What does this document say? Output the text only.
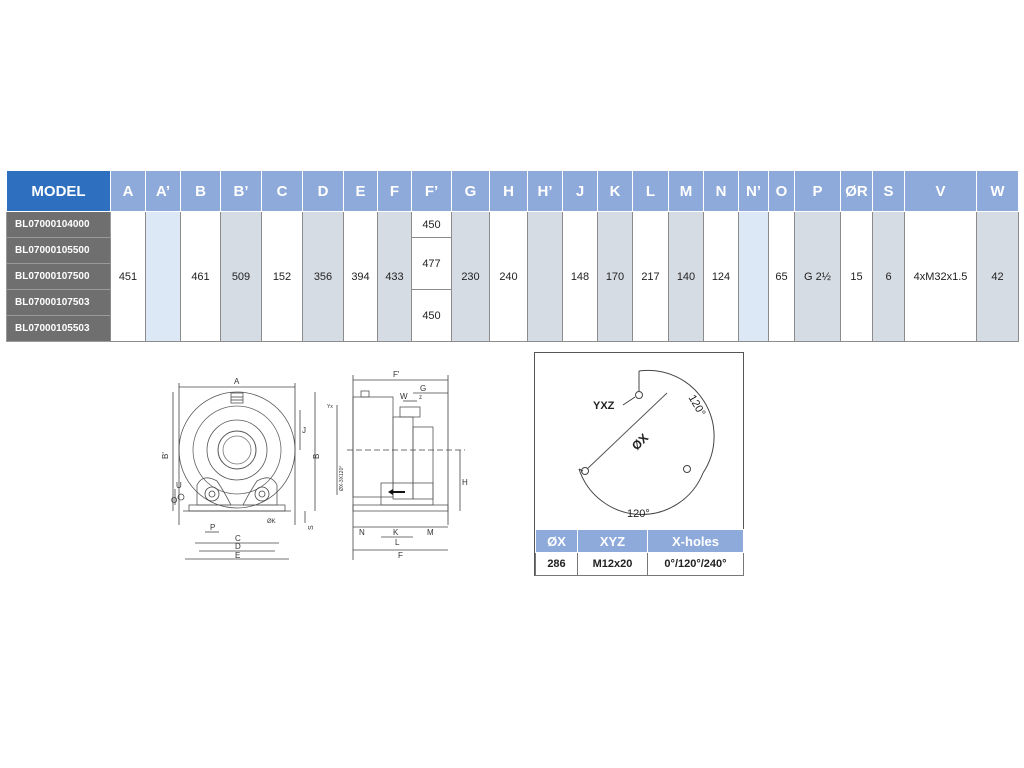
MODEL	A	A’	B	B’	C	D	E	F	F’	G	H	H’	J	K	L	M	N	N’	O	P	ØR	S	V	W
BL07000104000	451		461	509	152	356	394	433	450	230	240		148	170	217	140	124		65	G 2½	15	6	4xM32x1.5	42
BL07000105500									477															
BL07000107500																								
BL07000107503									450															
BL07000105503																								
A
B'	B
J
U
O
P
C
D
E
S
ØK
F'
G
W z
Yx
ØX-3X120°	H
N	K
L
M
F
YXZ
ØX
120°
120°
ØX	XYZ	X-holes
286	M12x20	0°/120°/240°
